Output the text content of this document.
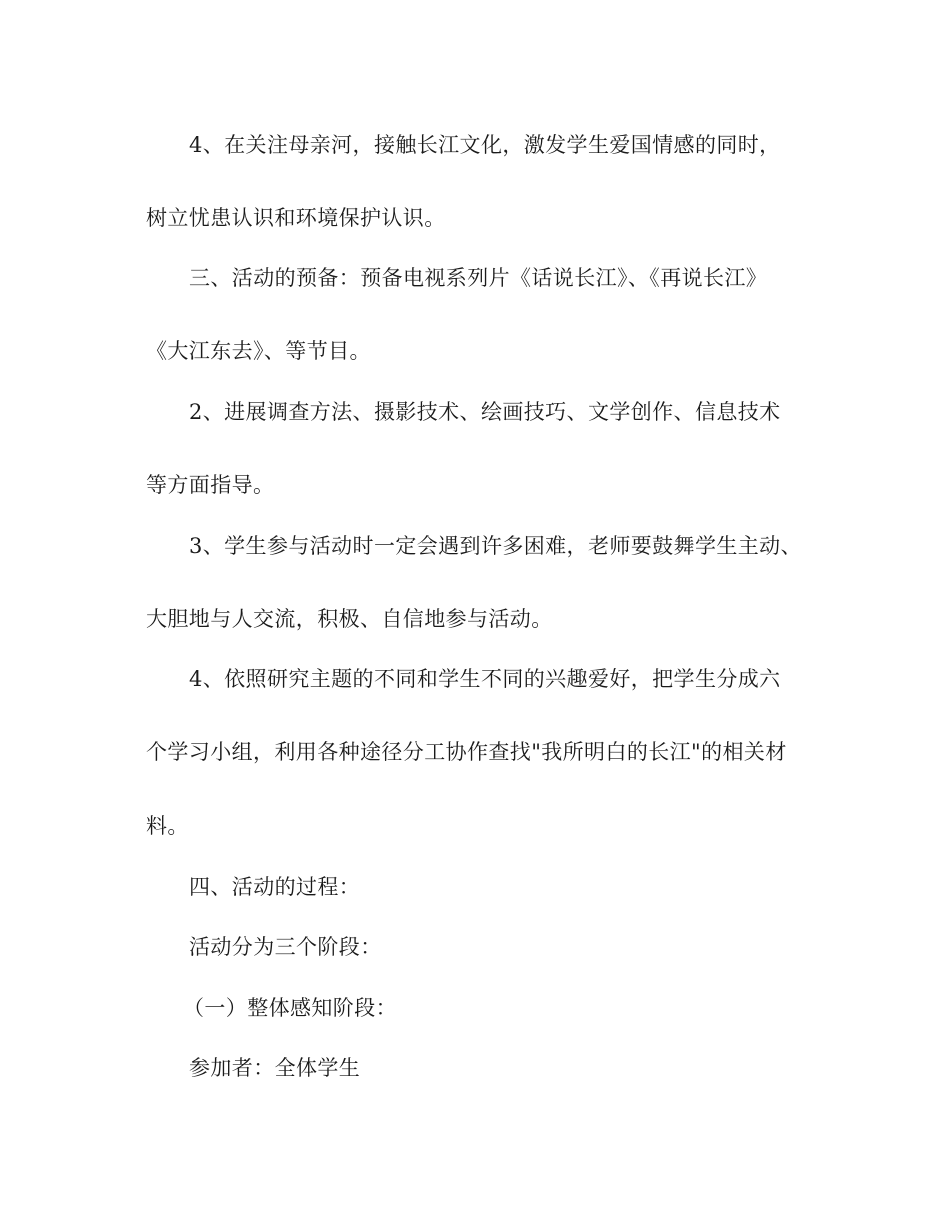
4、在关注母亲河，接触长江文化，激发学生爱国情感的同时，
树立忧患认识和环境保护认识。
三、活动的预备：预备电视系列片《话说长江》、《再说长江》
《大江东去》、等节目。
2、进展调查方法、摄影技术、绘画技巧、文学创作、信息技术
等方面指导。
3、学生参与活动时一定会遇到许多困难，老师要鼓舞学生主动、
大胆地与人交流，积极、自信地参与活动。
4、依照研究主题的不同和学生不同的兴趣爱好，把学生分成六
个学习小组，利用各种途径分工协作查找"我所明白的长江"的相关材
料。
四、活动的过程：
活动分为三个阶段：
（一）整体感知阶段：
参加者：全体学生
